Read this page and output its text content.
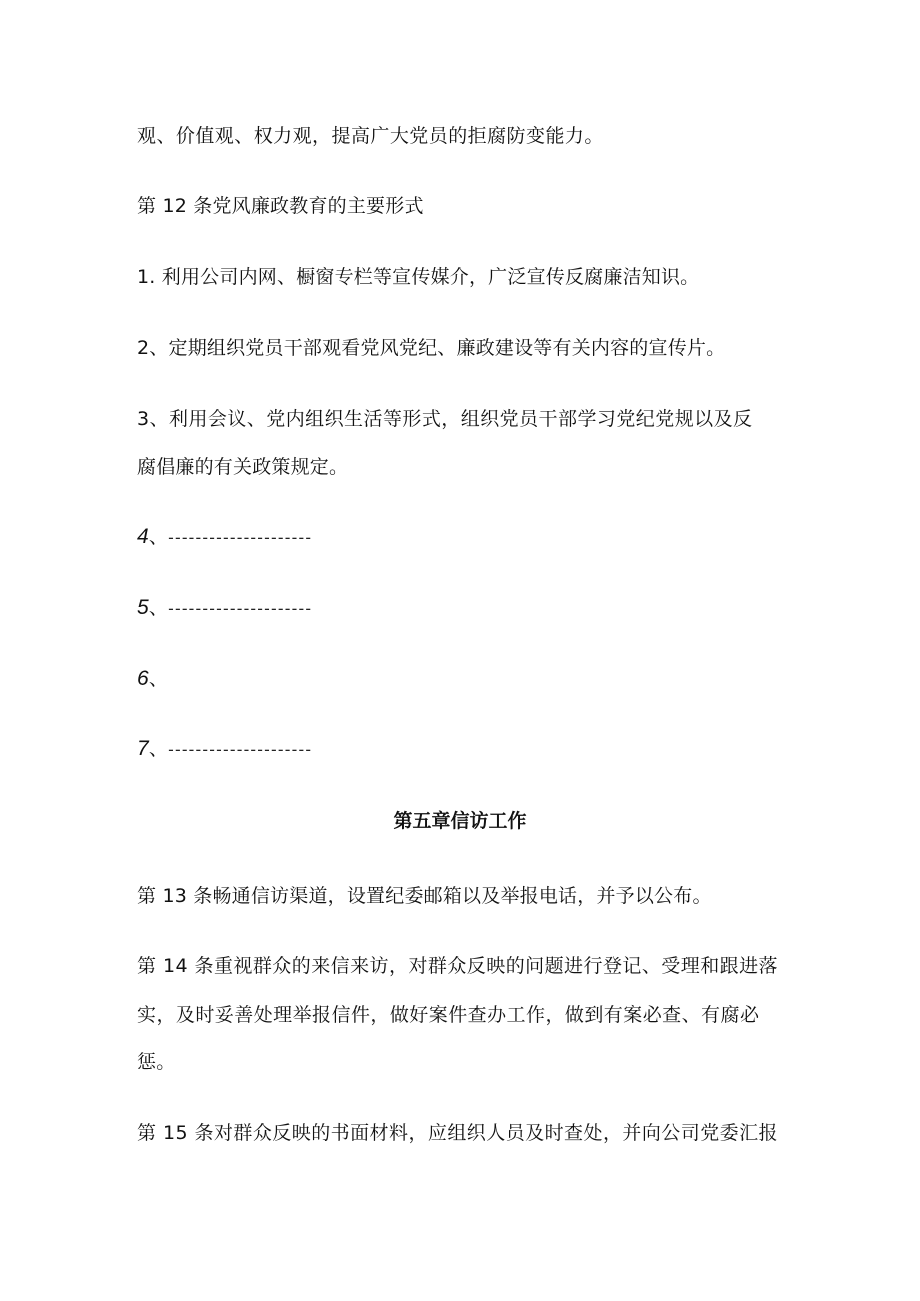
观、价值观、权力观，提高广大党员的拒腐防变能力。
第 12 条党风廉政教育的主要形式
1. 利用公司内网、橱窗专栏等宣传媒介，广泛宣传反腐廉洁知识。
2、定期组织党员干部观看党风党纪、廉政建设等有关内容的宣传片。
3、利用会议、党内组织生活等形式，组织党员干部学习党纪党规以及反
腐倡廉的有关政策规定。
4、---------------------
5、---------------------
6、
7、---------------------
第五章信访工作
第 13 条畅通信访渠道，设置纪委邮箱以及举报电话，并予以公布。
第 14 条重视群众的来信来访，对群众反映的问题进行登记、受理和跟进落
实，及时妥善处理举报信件，做好案件查办工作，做到有案必查、有腐必
惩。
第 15 条对群众反映的书面材料，应组织人员及时查处，并向公司党委汇报
